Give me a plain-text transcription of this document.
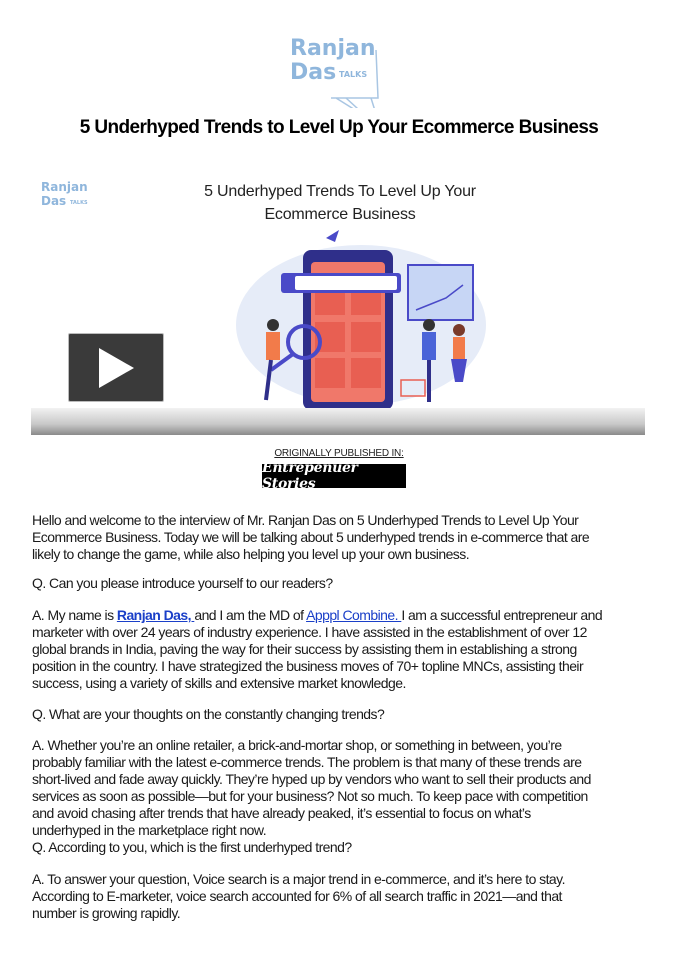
Ranjan
Das TALKS
5 Underhyped Trends to Level Up Your Ecommerce Business
Ranjan
Das TALKS
5 Underhyped Trends To Level Up Your
Ecommerce Business
ORIGINALLY PUBLISHED IN:
Entrepenuer Stories
Hello and welcome to the interview of Mr. Ranjan Das on 5 Underhyped Trends to Level Up Your
Ecommerce Business. Today we will be talking about 5 underhyped trends in e-commerce that are
likely to change the game, while also helping you level up your own business.
Q. Can you please introduce yourself to our readers?
A. My name is Ranjan Das, and I am the MD of Apppl Combine. I am a successful entrepreneur and
marketer with over 24 years of industry experience. I have assisted in the establishment of over 12
global brands in India, paving the way for their success by assisting them in establishing a strong
position in the country. I have strategized the business moves of 70+ topline MNCs, assisting their
success, using a variety of skills and extensive market knowledge.
Q. What are your thoughts on the constantly changing trends?
A. Whether you’re an online retailer, a brick-and-mortar shop, or something in between, you’re
probably familiar with the latest e-commerce trends. The problem is that many of these trends are
short-lived and fade away quickly. They’re hyped up by vendors who want to sell their products and
services as soon as possible—but for your business? Not so much. To keep pace with competition
and avoid chasing after trends that have already peaked, it’s essential to focus on what’s
underhyped in the marketplace right now.
Q. According to you, which is the first underhyped trend?
A. To answer your question, Voice search is a major trend in e-commerce, and it’s here to stay.
According to E-marketer, voice search accounted for 6% of all search traffic in 2021—and that
number is growing rapidly.
